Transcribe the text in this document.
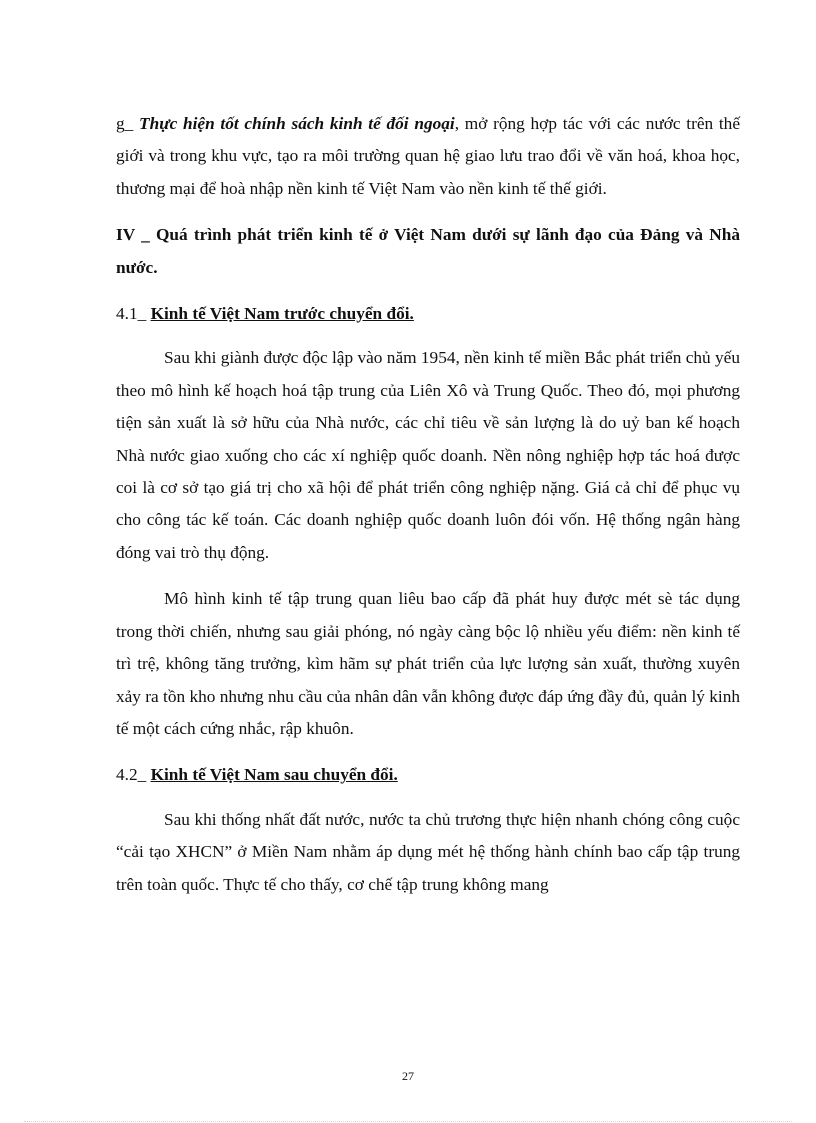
g_ Thực hiện tốt chính sách kinh tế đối ngoại, mở rộng hợp tác với các nước trên thế giới và trong khu vực, tạo ra môi trường quan hệ giao lưu trao đổi về văn hoá, khoa học, thương mại để hoà nhập nền kinh tế Việt Nam vào nền kinh tế thế giới.

IV _ Quá trình phát triển kinh tế ở Việt Nam dưới sự lãnh đạo của Đảng và Nhà nước.

4.1_ Kinh tế Việt Nam trước chuyển đổi.

Sau khi giành được độc lập vào năm 1954, nền kinh tế miền Bắc phát triển chủ yếu theo mô hình kế hoạch hoá tập trung của Liên Xô và Trung Quốc. Theo đó, mọi phương tiện sản xuất là sở hữu của Nhà nước, các chỉ tiêu về sản lượng là do uỷ ban kế hoạch Nhà nước giao xuống cho các xí nghiệp quốc doanh. Nền nông nghiệp hợp tác hoá được coi là cơ sở tạo giá trị cho xã hội để phát triển công nghiệp nặng. Giá cả chỉ để phục vụ cho công tác kế toán. Các doanh nghiệp quốc doanh luôn đói vốn. Hệ thống ngân hàng đóng vai trò thụ động.

Mô hình kinh tế tập trung quan liêu bao cấp đã phát huy được mét sè tác dụng trong thời chiến, nhưng sau giải phóng, nó ngày càng bộc lộ nhiều yếu điểm: nền kinh tế trì trệ, không tăng trưởng, kìm hãm sự phát triển của lực lượng sản xuất, thường xuyên xảy ra tồn kho nhưng nhu cầu của nhân dân vẫn không được đáp ứng đầy đủ, quản lý kinh tế một cách cứng nhắc, rập khuôn.

4.2_ Kinh tế Việt Nam sau chuyển đổi.

Sau khi thống nhất đất nước, nước ta chủ trương thực hiện nhanh chóng công cuộc “cải tạo XHCN” ở Miền Nam nhằm áp dụng mét hệ thống hành chính bao cấp tập trung trên toàn quốc. Thực tế cho thấy, cơ chế tập trung không mang

27
